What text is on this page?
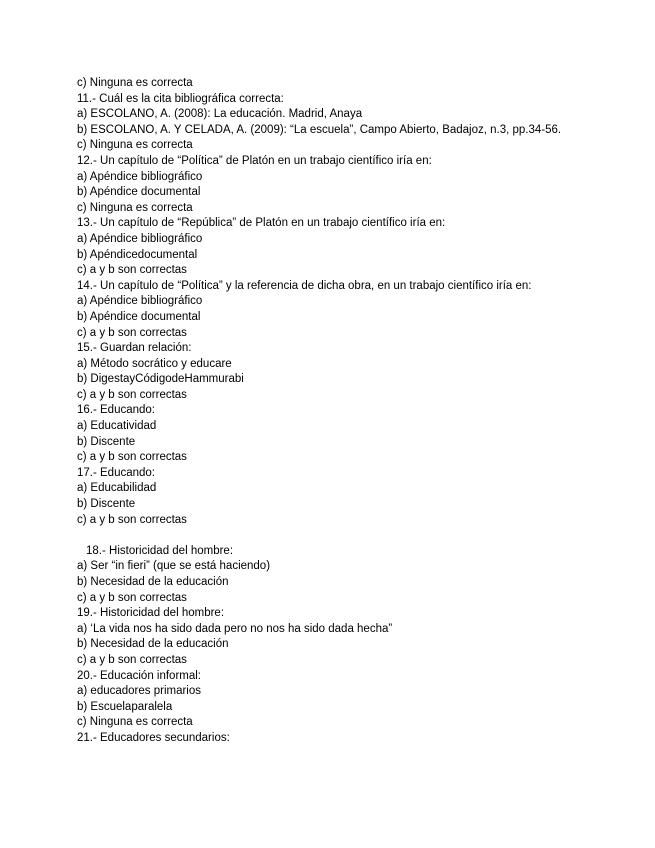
c) Ninguna es correcta
11.- Cuál es la cita bibliográfica correcta:
a) ESCOLANO, A. (2008): La educación. Madrid, Anaya
b) ESCOLANO, A. Y CELADA, A. (2009): “La escuela”, Campo Abierto, Badajoz, n.3, pp.34-56.
c) Ninguna es correcta
12.- Un capítulo de “Política” de Platón en un trabajo científico iría en:
a) Apéndice bibliográfico
b) Apéndice documental
c) Ninguna es correcta
13.- Un capítulo de “República” de Platón en un trabajo científico iría en:
a) Apéndice bibliográfico
b) Apéndicedocumental
c) a y b son correctas
14.- Un capítulo de “Política” y la referencia de dicha obra, en un trabajo científico iría en:
a) Apéndice bibliográfico
b) Apéndice documental
c) a y b son correctas
15.- Guardan relación:
a) Método socrático y educare
b) DigestayCódigodeHammurabi
c) a y b son correctas
16.- Educando:
a) Educatividad
b) Discente
c) a y b son correctas
17.- Educando:
a) Educabilidad
b) Discente
c) a y b son correctas
18.- Historicidad del hombre:
a) Ser “in fieri” (que se está haciendo)
b) Necesidad de la educación
c) a y b son correctas
19.- Historicidad del hombre:
a) ‘La vida nos ha sido dada pero no nos ha sido dada hecha”
b) Necesidad de la educación
c) a y b son correctas
20.- Educación informal:
a) educadores primarios
b) Escuelaparalela
c) Ninguna es correcta
21.- Educadores secundarios:
